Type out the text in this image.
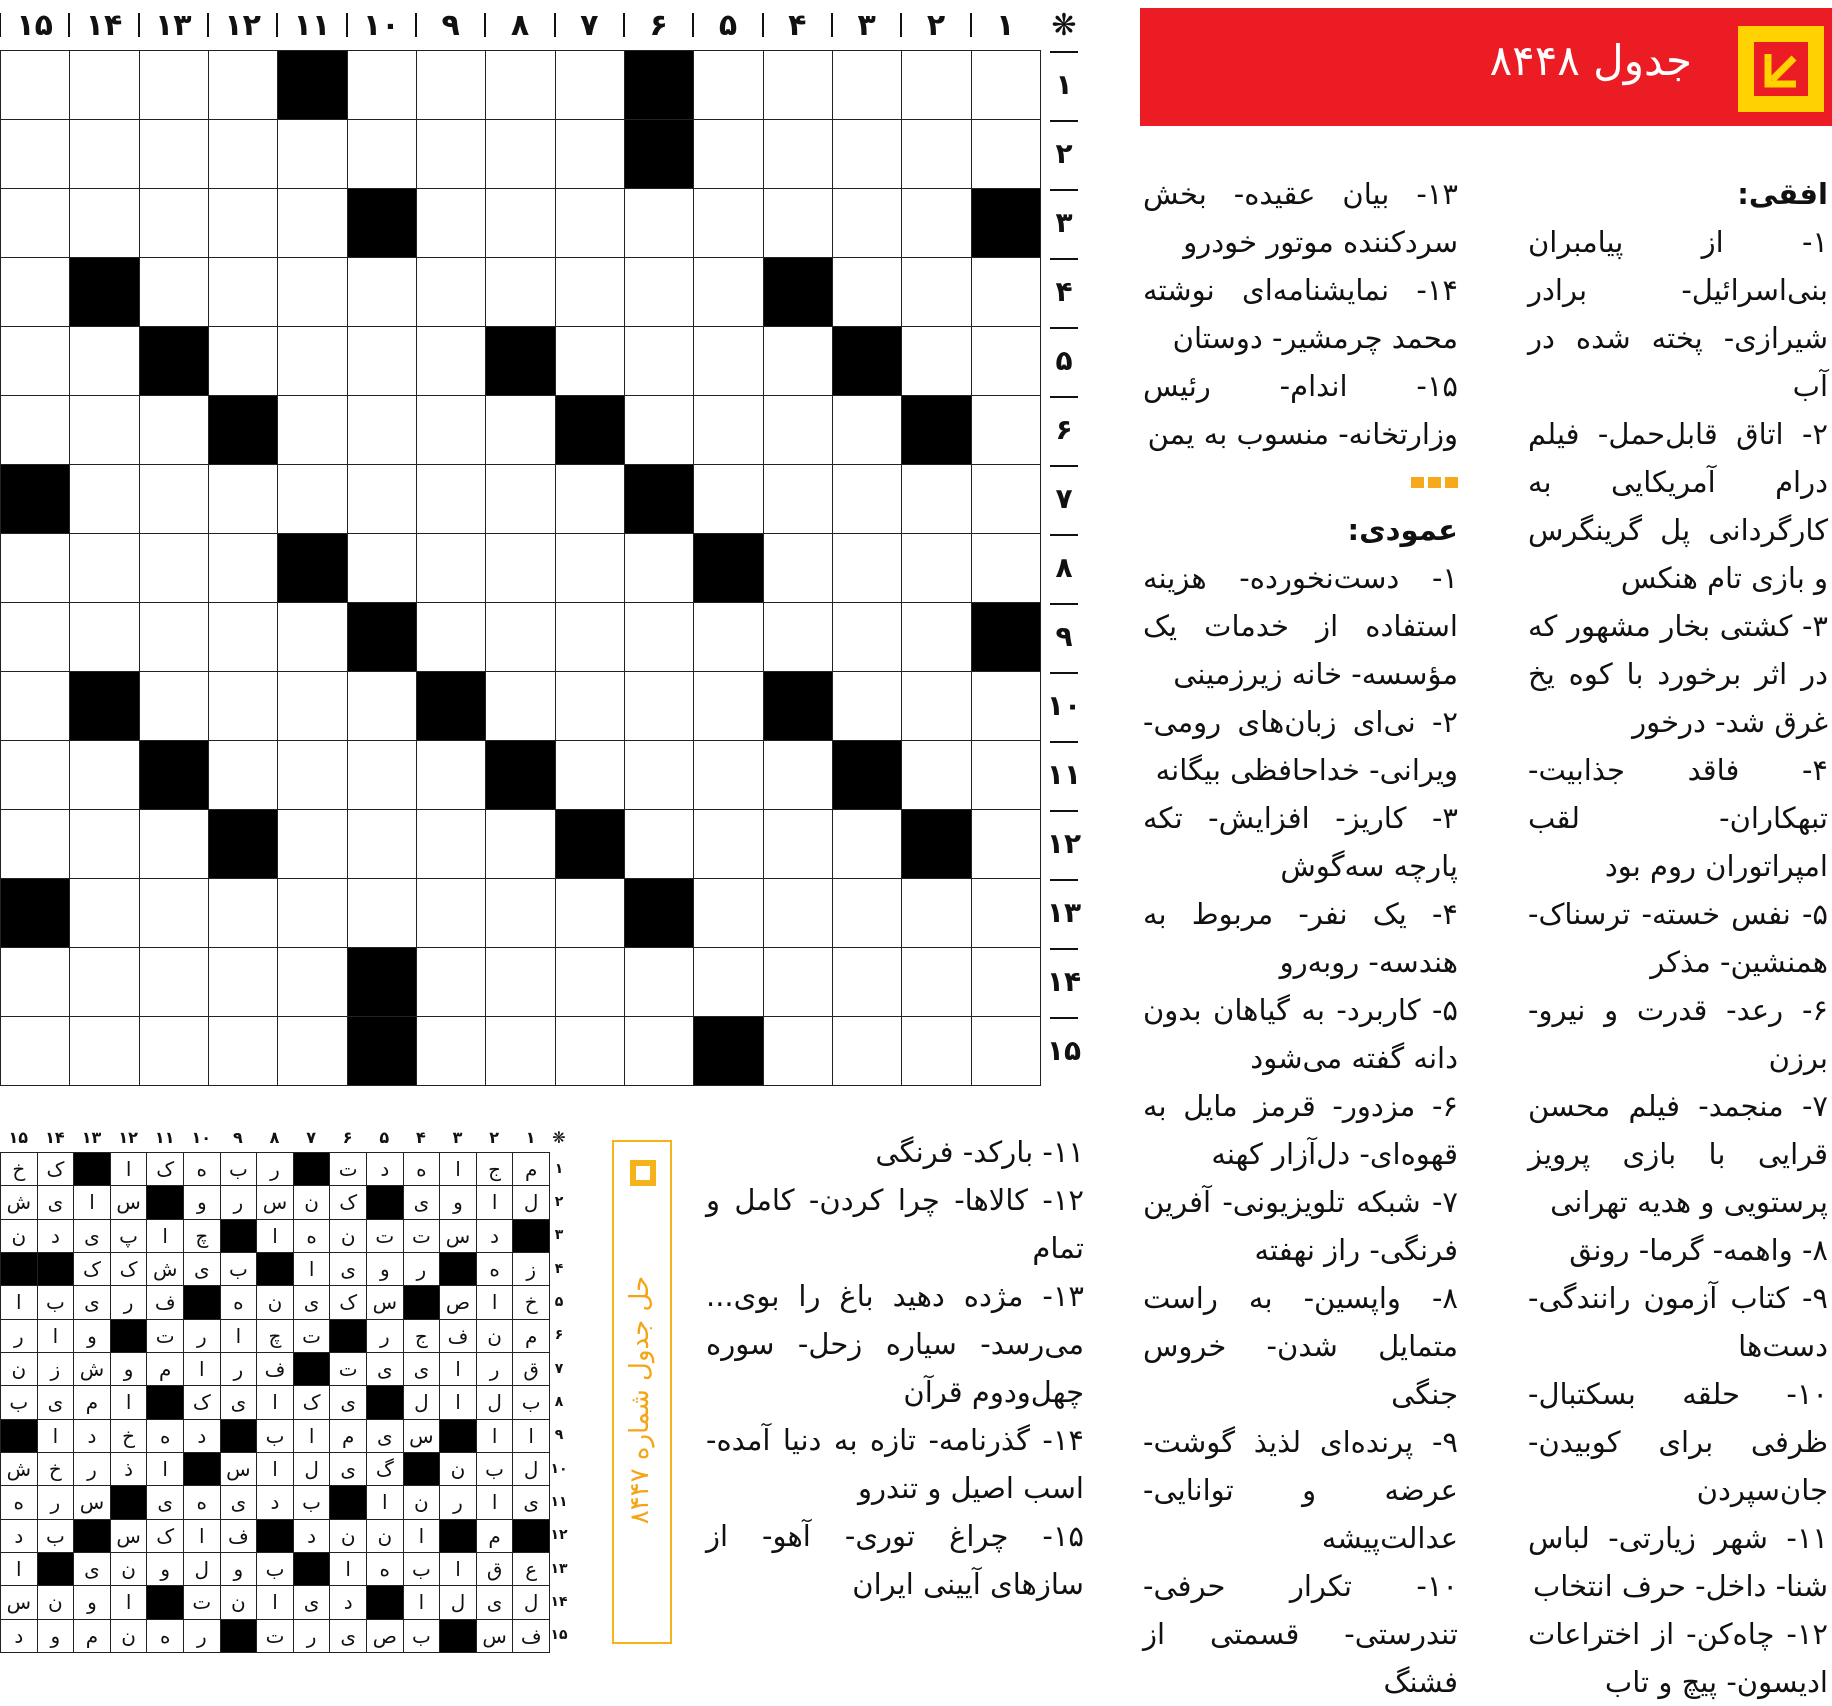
۱
۲
۳
۴
۵
۶
۷
۸
۹
۱۰
۱۱
۱۲
۱۳
۱۴
۱۵	❋
۱
۲
۳
۴
۵
۶
۷
۸
۹
۱۰
۱۱
۱۲
۱۳
۱۴
۱۵
جدول ۸۴۴۸
افقی:
۱- از پیامبران بنی‌اسرائیل- برادر شیرازی- پخته شده در آب
۲- اتاق قابل‌حمل- فیلم درام آمریکایی به کارگردانی پل گرینگرس و بازی تام هنکس
۳- کشتی بخار مشهور که در اثر برخورد با کوه یخ غرق شد- درخور
۴- فاقد جذابیت- تبهکاران- لقب امپراتوران روم بود
۵- نفس خسته- ترسناک- همنشین- مذکر
۶- رعد- قدرت و نیرو- برزن
۷- منجمد- فیلم محسن قرایی با بازی پرویز پرستویی و هدیه تهرانی
۸- واهمه- گرما- رونق
۹- کتاب آزمون رانندگی- دست‌ها
۱۰- حلقه بسکتبال- ظرفی برای کوبیدن- جان‌سپردن
۱۱- شهر زیارتی- لباس شنا- داخل- حرف انتخاب
۱۲- چاه‌کن- از اختراعات ادیسون- پیچ و تاب
۱۳- بیان عقیده- بخش سردکننده موتور خودرو
۱۴- نمایشنامه‌ای نوشته محمد چرمشیر- دوستان
۱۵- اندام- رئیس وزارتخانه- منسوب به یمن
عمودی:
۱- دست‌نخورده- هزینه استفاده از خدمات یک مؤسسه- خانه زیرزمینی
۲- نی‌ای زبان‌های رومی- ویرانی- خداحافظی بیگانه
۳- کاریز- افزایش- تکه پارچه سه‌گوش
۴- یک نفر- مربوط به هندسه- روبه‌رو
۵- کاربرد- به گیاهان بدون دانه گفته می‌شود
۶- مزدور- قرمز مایل به قهوه‌ای- دل‌آزار کهنه
۷- شبکه تلویزیونی- آفرین فرنگی- راز نهفته
۸- واپسین- به راست متمایل شدن- خروس جنگی
۹- پرنده‌ای لذیذ گوشت- عرضه و توانایی- عدالت‌پیشه
۱۰- تکرار حرفی- تندرستی- قسمتی از فشنگ
۱۱- بارکد- فرنگی
۱۲- کالاها- چرا کردن- کامل و تمام
۱۳- مژده دهید باغ را بوی... می‌رسد- سیاره زحل- سوره چهل‌ودوم قرآن
۱۴- گذرنامه- تازه به دنیا آمده- اسب اصیل و تندرو
۱۵- چراغ توری- آهو- از سازهای آیینی ایران
حل جدول شماره ۸۴۴۷
۱
۲
۳
۴
۵
۶
۷
۸
۹
۱۰
۱۱
۱۲
۱۳
۱۴
۱۵	❋
م
ج
ا
ه
د
ت
ر
ب
ه
ک
ا
ک
خ
ل
ا
و
ی
ک
ن
س
ر
و
س
ا
ی
ش
د
س
ت
ت
ن
ه
ا
چ
ا
پ
ی
د
ن
ز
ه
ر
و
ی
ا
ب
ی
ش
ک
ک
خ
ا
ص
س
ک
ی
ن
ه
ف
ر
ی
ب
ا
م
ن
ف
ج
ر
ت
چ
ا
ر
ت
و
ا
ر
ق
ر
ا
ی
ی
ت
ف
ر
ا
م
و
ش
ز
ن
ب
ل
ا
ل
ی
ک
ا
ی
ک
ا
م
ی
ب
ا
ا
س
ی
م
ا
ب
د
ه
خ
د
ا
ل
ب
ن
گ
ی
ل
ا
س
ا
ذ
ر
خ
ش
ی
ا
ر
ن
ا
ب
د
ی
ه
ی
س
ر
ه
م
ا
ن
ن
د
ف
ا
ک
س
ب
د
ع
ق
ا
ب
ه
ا
ب
و
ل
و
ن
ی
ا
ل
ی
ل
ا
د
ی
ا
ن
ت
ا
و
ن
س
ف
س
ب
ص
ی
ر
ت
ر
ه
ن
م
و
د
۱
۲
۳
۴
۵
۶
۷
۸
۹
۱۰
۱۱
۱۲
۱۳
۱۴
۱۵
